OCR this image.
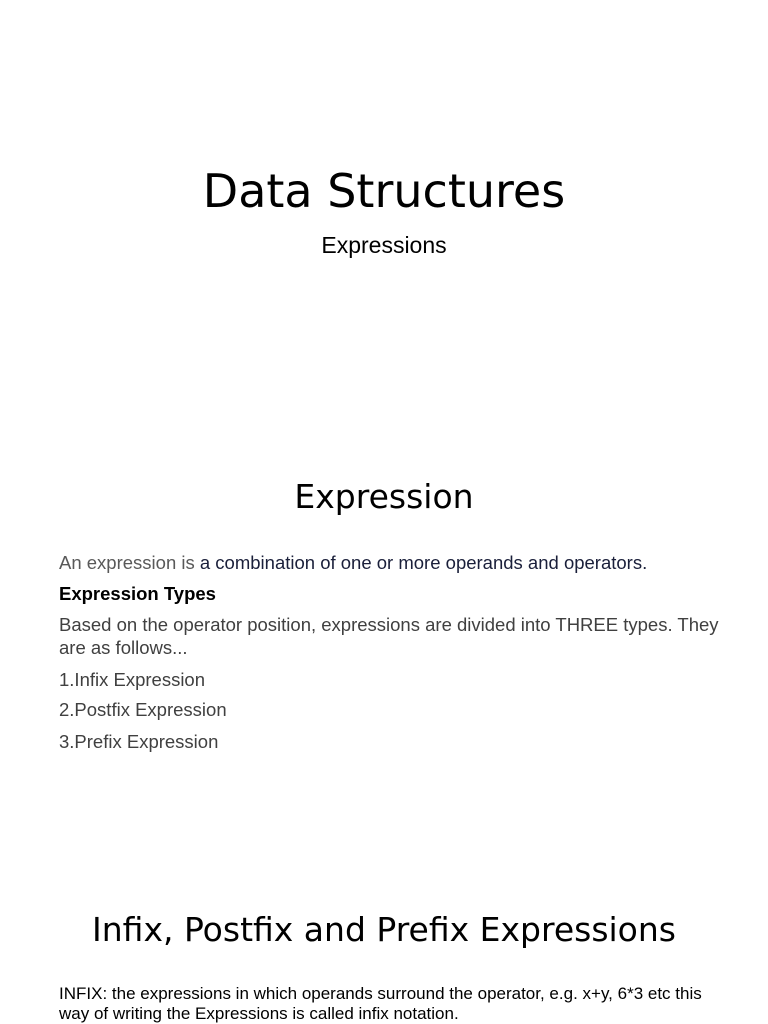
Data Structures
Expressions
Expression

An expression is a combination of one or more operands and operators.

Expression Types

Based on the operator position, expressions are divided into THREE types. They are as follows...

1.Infix Expression

2.Postfix Expression

3.Prefix Expression

Infix, Postfix and Prefix Expressions

INFIX: the expressions in which operands surround the operator, e.g. x+y, 6*3 etc this way of writing the Expressions is called infix notation.
